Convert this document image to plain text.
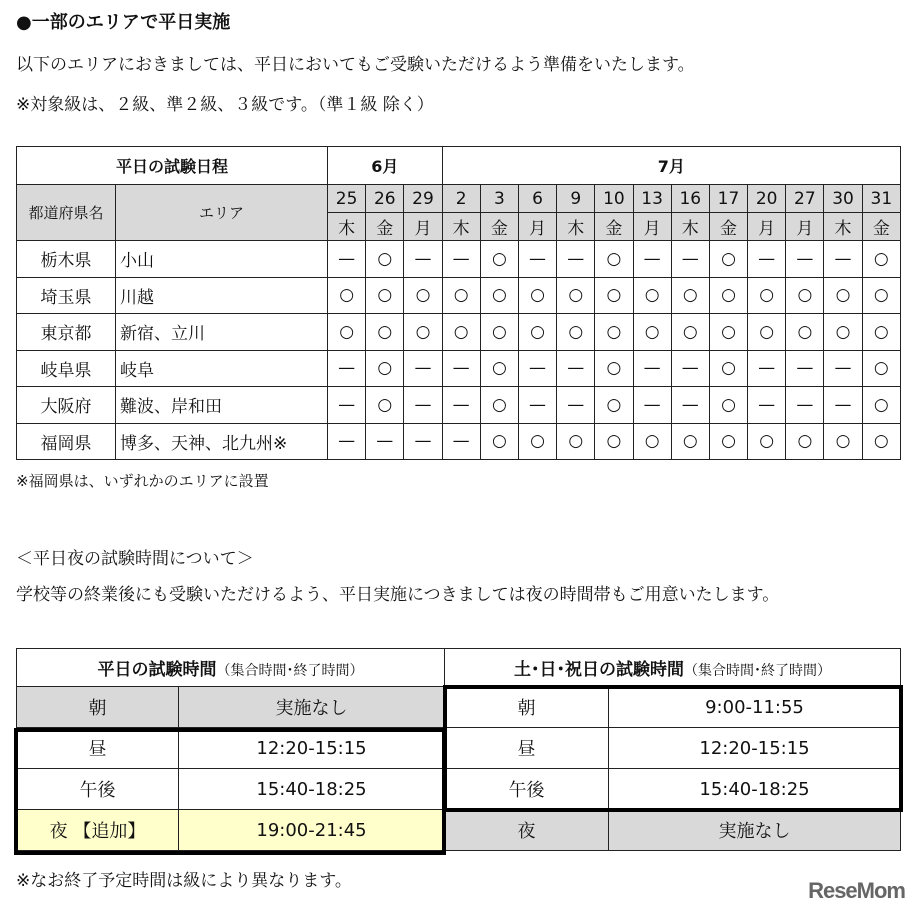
●一部のエリアで平日実施
以下のエリアにおきましては、平日においてもご受験いただけるよう準備をいたします。
※対象級は、２級、準２級、３級です。（準１級 除く）
平日の試験日程		6月			7月											
都道府県名	エリア	25	26	29	2	3	6	9	10	13	16	17	20	27	30	31
		木	金	月	木	金	月	木	金	月	木	金	月	月	木	金
栃木県	小山	—	○	—	—	○	—	—	○	—	—	○	—	—	—	○
埼玉県	川越	○	○	○	○	○	○	○	○	○	○	○	○	○	○	○
東京都	新宿、立川	○	○	○	○	○	○	○	○	○	○	○	○	○	○	○
岐阜県	岐阜	—	○	—	—	○	—	—	○	—	—	○	—	—	—	○
大阪府	難波、岸和田	—	○	—	—	○	—	—	○	—	—	○	—	—	—	○
福岡県	博多、天神、北九州※	—	—	—	—	○	○	○	○	○	○	○	○	○	○	○
※福岡県は、いずれかのエリアに設置
＜平日夜の試験時間について＞
学校等の終業後にも受験いただけるよう、平日実施につきましては夜の時間帯もご用意いたします。
平日の試験時間（集合時間･終了時間）		土･日･祝日の試験時間（集合時間･終了時間）	
朝	実施なし	朝	9:00-11:55
昼	12:20-15:15	昼	12:20-15:15
午後	15:40-18:25	午後	15:40-18:25
夜 【追加】	19:00-21:45	夜	実施なし
※なお終了予定時間は級により異なります。	ReseMom
